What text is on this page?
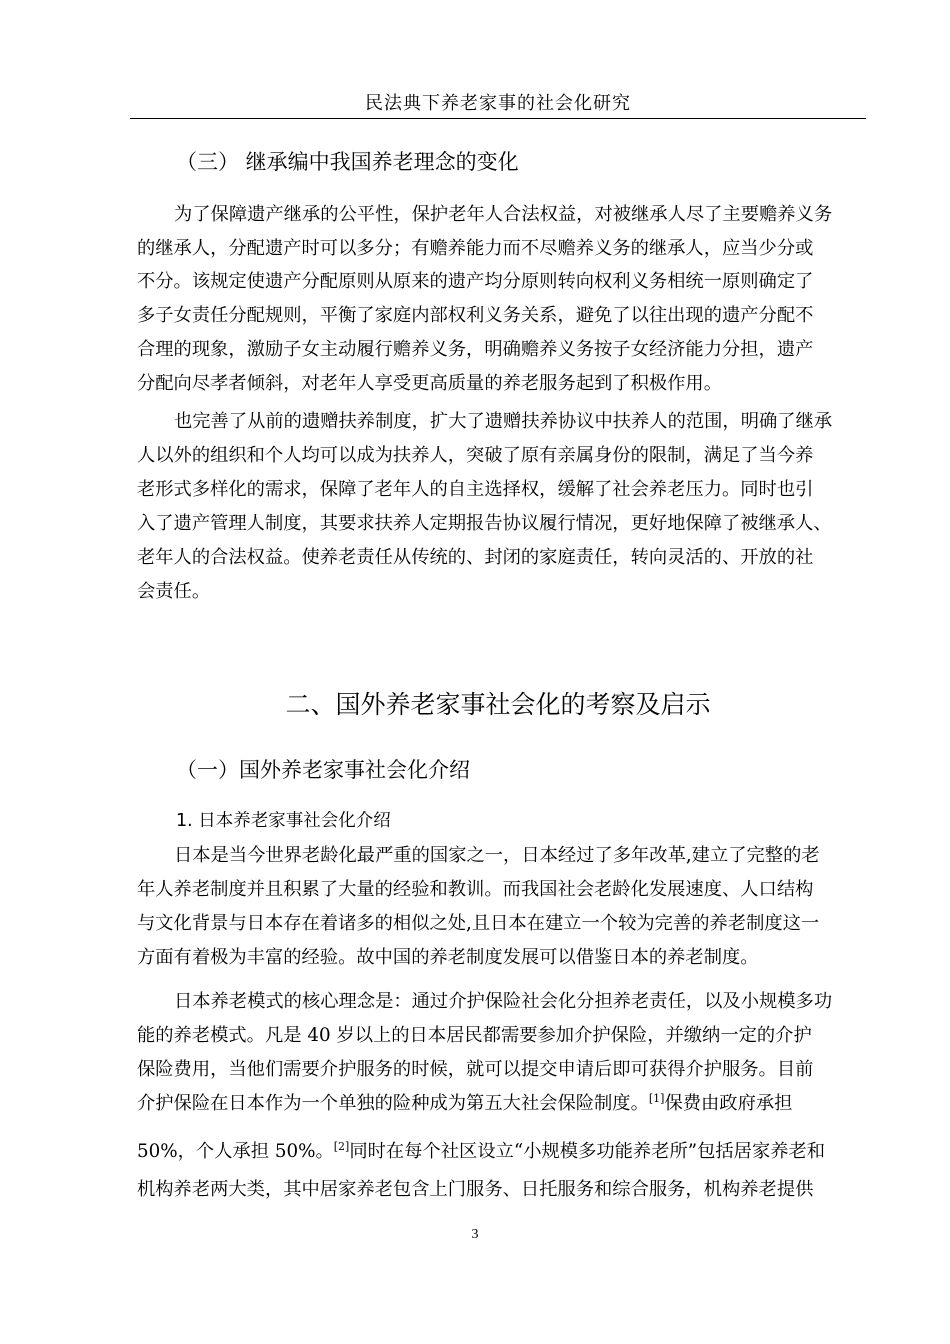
民法典下养老家事的社会化研究
（三） 继承编中我国养老理念的变化
为了保障遗产继承的公平性，保护老年人合法权益，对被继承人尽了主要赡养义务
的继承人，分配遗产时可以多分；有赡养能力而不尽赡养义务的继承人，应当少分或
不分。该规定使遗产分配原则从原来的遗产均分原则转向权利义务相统一原则确定了
多子女责任分配规则，平衡了家庭内部权利义务关系，避免了以往出现的遗产分配不
合理的现象，激励子女主动履行赡养义务，明确赡养义务按子女经济能力分担，遗产
分配向尽孝者倾斜，对老年人享受更高质量的养老服务起到了积极作用。
也完善了从前的遗赠扶养制度，扩大了遗赠扶养协议中扶养人的范围，明确了继承
人以外的组织和个人均可以成为扶养人，突破了原有亲属身份的限制，满足了当今养
老形式多样化的需求，保障了老年人的自主选择权，缓解了社会养老压力。同时也引
入了遗产管理人制度，其要求扶养人定期报告协议履行情况，更好地保障了被继承人、
老年人的合法权益。使养老责任从传统的、封闭的家庭责任，转向灵活的、开放的社
会责任。
二、国外养老家事社会化的考察及启示
（一）国外养老家事社会化介绍
1. 日本养老家事社会化介绍
日本是当今世界老龄化最严重的国家之一，日本经过了多年改革,建立了完整的老
年人养老制度并且积累了大量的经验和教训。而我国社会老龄化发展速度、人口结构
与文化背景与日本存在着诸多的相似之处,且日本在建立一个较为完善的养老制度这一
方面有着极为丰富的经验。故中国的养老制度发展可以借鉴日本的养老制度。
日本养老模式的核心理念是：通过介护保险社会化分担养老责任，以及小规模多功
能的养老模式。凡是 40 岁以上的日本居民都需要参加介护保险，并缴纳一定的介护
保险费用，当他们需要介护服务的时候，就可以提交申请后即可获得介护服务。目前
介护保险在日本作为一个单独的险种成为第五大社会保险制度。[1]保费由政府承担
50%，个人承担 50%。[2]同时在每个社区设立“小规模多功能养老所”包括居家养老和
机构养老两大类，其中居家养老包含上门服务、日托服务和综合服务，机构养老提供
3
